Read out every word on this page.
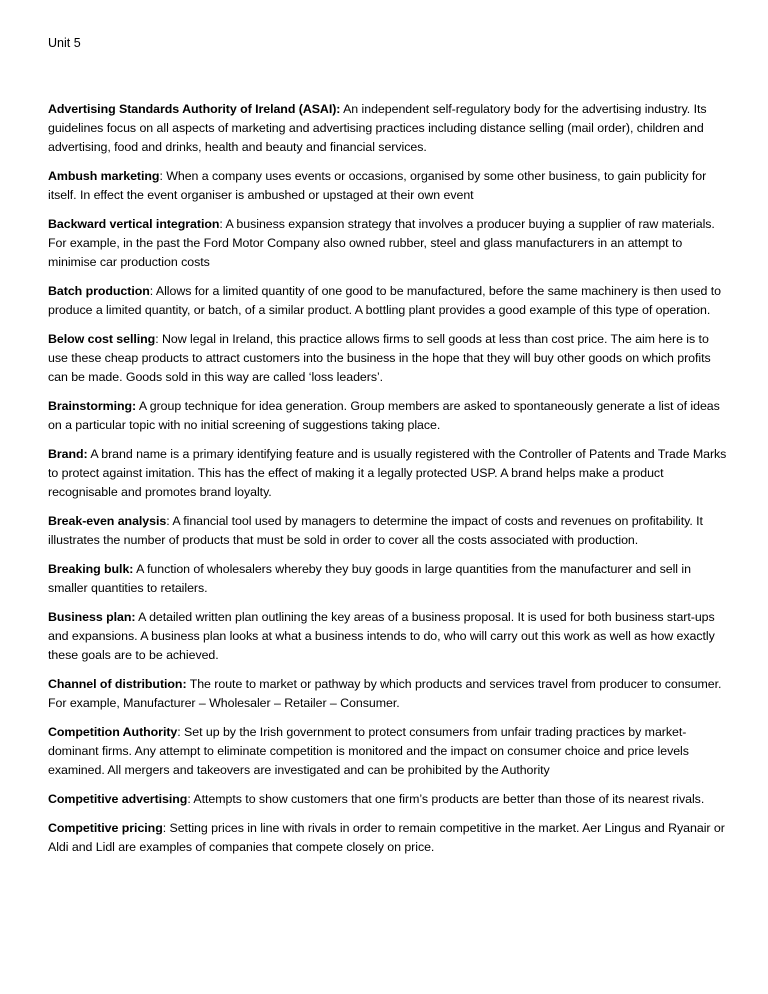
Unit 5

Advertising Standards Authority of Ireland (ASAI): An independent self-regulatory body for the advertising industry. Its guidelines focus on all aspects of marketing and advertising practices including distance selling (mail order), children and advertising, food and drinks, health and beauty and financial services.

Ambush marketing: When a company uses events or occasions, organised by some other business, to gain publicity for itself. In effect the event organiser is ambushed or upstaged at their own event

Backward vertical integration: A business expansion strategy that involves a producer buying a supplier of raw materials. For example, in the past the Ford Motor Company also owned rubber, steel and glass manufacturers in an attempt to minimise car production costs

Batch production: Allows for a limited quantity of one good to be manufactured, before the same machinery is then used to produce a limited quantity, or batch, of a similar product. A bottling plant provides a good example of this type of operation.

Below cost selling: Now legal in Ireland, this practice allows firms to sell goods at less than cost price. The aim here is to use these cheap products to attract customers into the business in the hope that they will buy other goods on which profits can be made. Goods sold in this way are called ‘loss leaders’.

Brainstorming: A group technique for idea generation. Group members are asked to spontaneously generate a list of ideas on a particular topic with no initial screening of suggestions taking place.

Brand: A brand name is a primary identifying feature and is usually registered with the Controller of Patents and Trade Marks to protect against imitation. This has the effect of making it a legally protected USP. A brand helps make a product recognisable and promotes brand loyalty.

Break-even analysis: A financial tool used by managers to determine the impact of costs and revenues on profitability. It illustrates the number of products that must be sold in order to cover all the costs associated with production.

Breaking bulk: A function of wholesalers whereby they buy goods in large quantities from the manufacturer and sell in smaller quantities to retailers.

Business plan: A detailed written plan outlining the key areas of a business proposal. It is used for both business start-ups and expansions. A business plan looks at what a business intends to do, who will carry out this work as well as how exactly these goals are to be achieved.

Channel of distribution: The route to market or pathway by which products and services travel from producer to consumer. For example, Manufacturer – Wholesaler – Retailer – Consumer.

Competition Authority: Set up by the Irish government to protect consumers from unfair trading practices by market-dominant firms. Any attempt to eliminate competition is monitored and the impact on consumer choice and price levels examined. All mergers and takeovers are investigated and can be prohibited by the Authority

Competitive advertising: Attempts to show customers that one firm’s products are better than those of its nearest rivals.

Competitive pricing: Setting prices in line with rivals in order to remain competitive in the market. Aer Lingus and Ryanair or Aldi and Lidl are examples of companies that compete closely on price.
